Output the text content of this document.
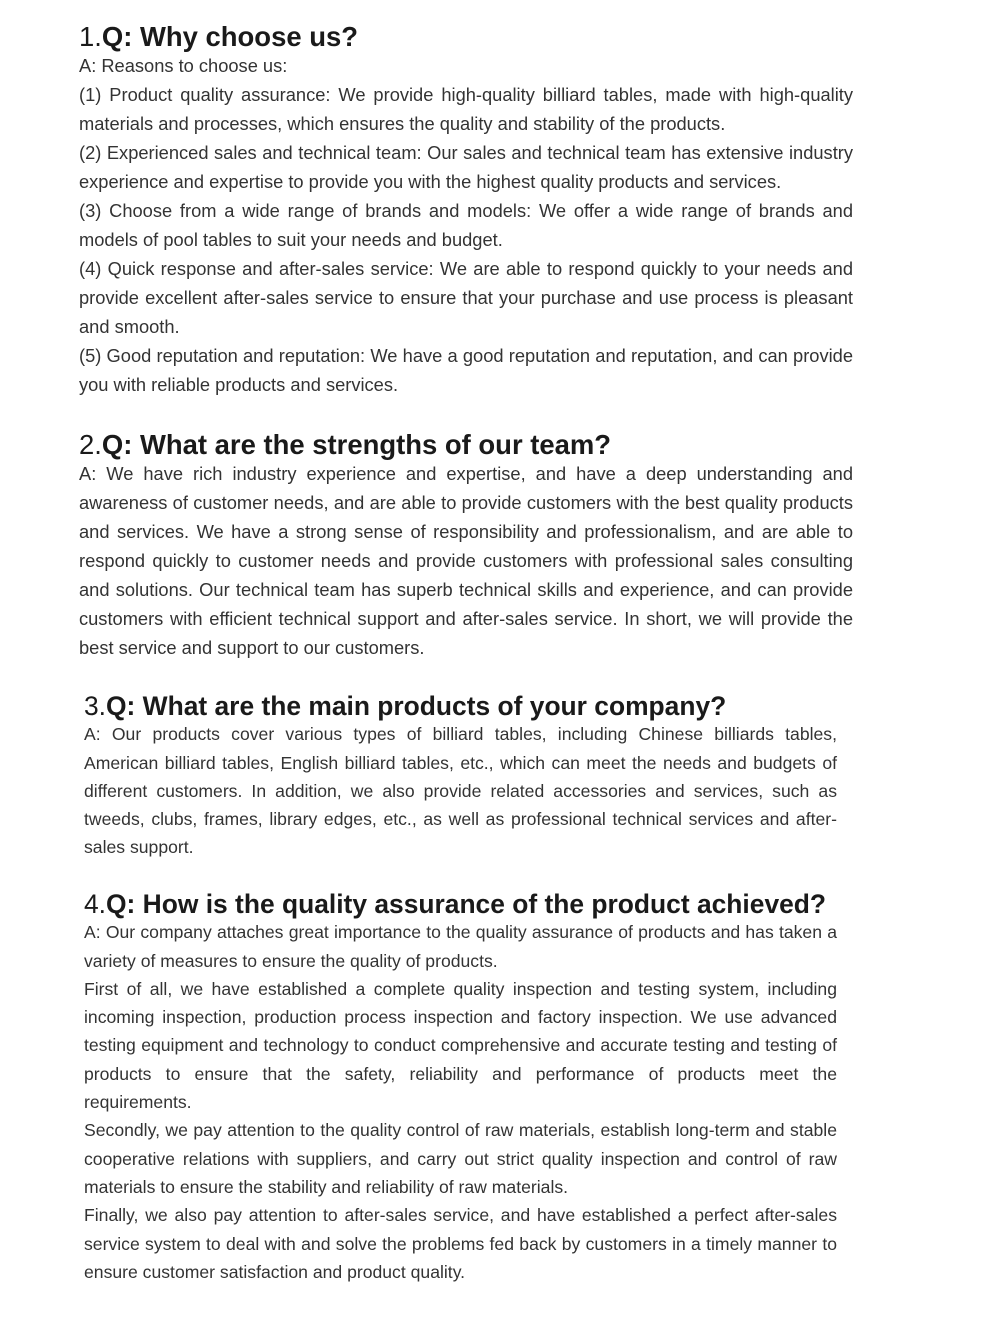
1.Q: Why choose us?

A: Reasons to choose us:

(1) Product quality assurance: We provide high-quality billiard tables, made with high-quality materials and processes, which ensures the quality and stability of the products.

(2) Experienced sales and technical team: Our sales and technical team has extensive industry experience and expertise to provide you with the highest quality products and services.

(3) Choose from a wide range of brands and models: We offer a wide range of brands and models of pool tables to suit your needs and budget.

(4) Quick response and after-sales service: We are able to respond quickly to your needs and provide excellent after-sales service to ensure that your purchase and use process is pleasant and smooth.

(5) Good reputation and reputation: We have a good reputation and reputation, and can provide you with reliable products and services.

2.Q: What are the strengths of our team?

A: We have rich industry experience and expertise, and have a deep understanding and awareness of customer needs, and are able to provide customers with the best quality products and services. We have a strong sense of responsibility and professionalism, and are able to respond quickly to customer needs and provide customers with professional sales consulting and solutions. Our technical team has superb technical skills and experience, and can provide customers with efficient technical support and after-sales service. In short, we will provide the best service and support to our customers.

3.Q: What are the main products of your company?

A: Our products cover various types of billiard tables, including Chinese billiards tables, American billiard tables, English billiard tables, etc., which can meet the needs and budgets of different customers. In addition, we also provide related accessories and services, such as tweeds, clubs, frames, library edges, etc., as well as professional technical services and after-sales support.

4.Q: How is the quality assurance of the product achieved?

A: Our company attaches great importance to the quality assurance of products and has taken a variety of measures to ensure the quality of products.

First of all, we have established a complete quality inspection and testing system, including incoming inspection, production process inspection and factory inspection. We use advanced testing equipment and technology to conduct comprehensive and accurate testing and testing of products to ensure that the safety, reliability and performance of products meet the requirements.

Secondly, we pay attention to the quality control of raw materials, establish long-term and stable cooperative relations with suppliers, and carry out strict quality inspection and control of raw materials to ensure the stability and reliability of raw materials.

Finally, we also pay attention to after-sales service, and have established a perfect after-sales service system to deal with and solve the problems fed back by customers in a timely manner to ensure customer satisfaction and product quality.
